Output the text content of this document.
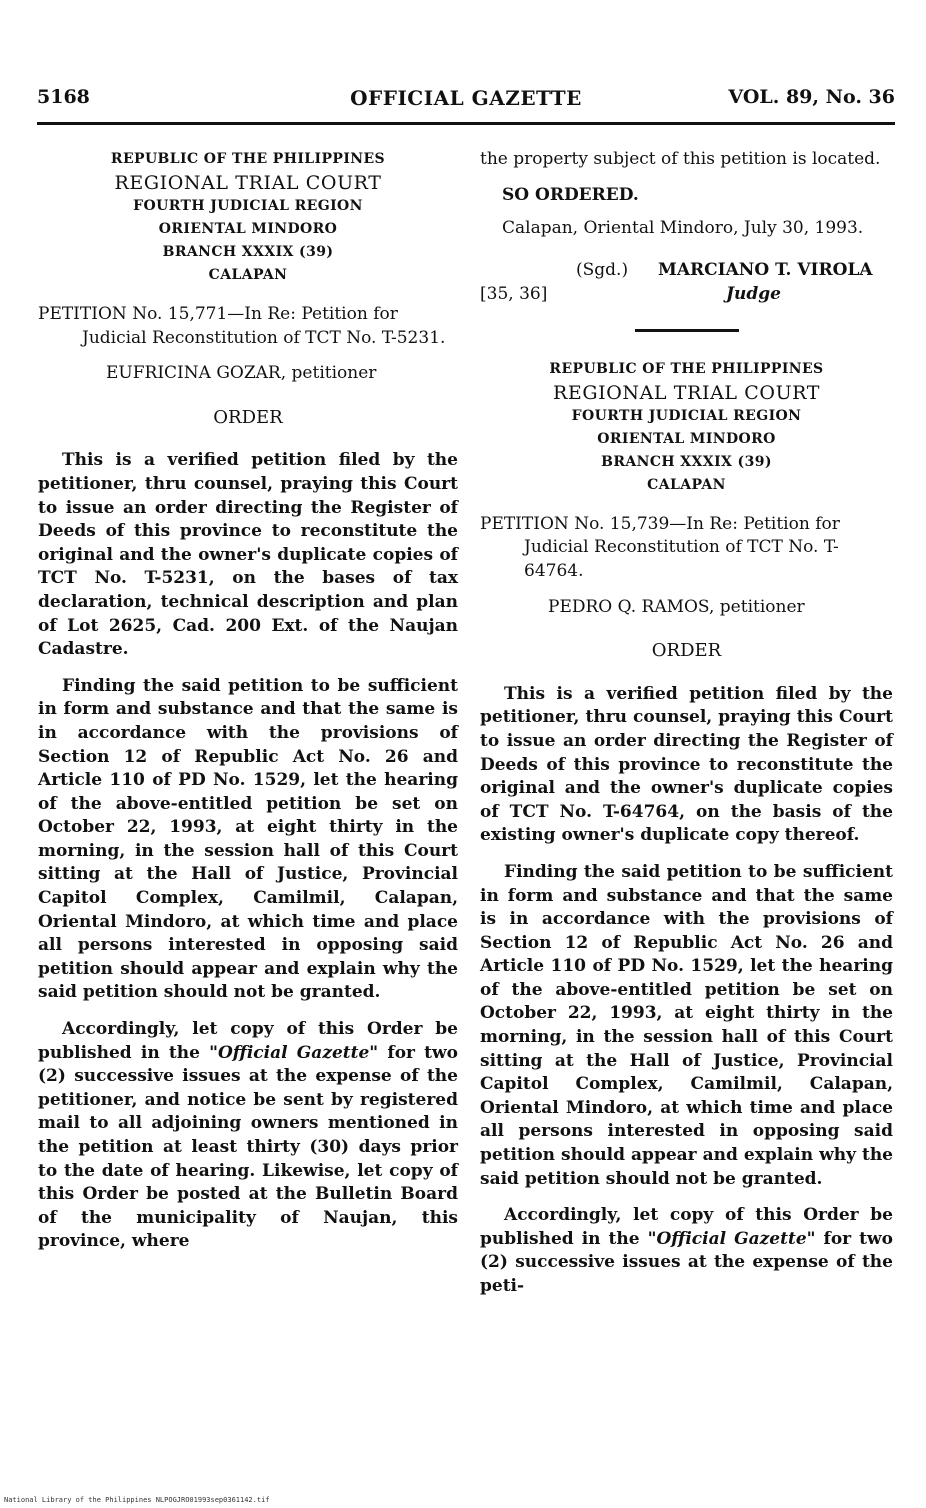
5168	OFFICIAL GAZETTE	VOL. 89, No. 36
REPUBLIC OF THE PHILIPPINES
REGIONAL TRIAL COURT
FOURTH JUDICIAL REGION
ORIENTAL MINDORO
BRANCH XXXIX (39)
CALAPAN
PETITION No. 15,771—In Re: Petition for Judicial Reconstitution of TCT No. T-5231.
EUFRICINA GOZAR, petitioner
ORDER

This is a verified petition filed by the petitioner, thru counsel, praying this Court to issue an order directing the Register of Deeds of this province to reconstitute the original and the owner's duplicate copies of TCT No. T-5231, on the bases of tax declaration, technical description and plan of Lot 2625, Cad. 200 Ext. of the Naujan Cadastre.

Finding the said petition to be sufficient in form and substance and that the same is in accordance with the provisions of Section 12 of Republic Act No. 26 and Article 110 of PD No. 1529, let the hearing of the above-entitled petition be set on October 22, 1993, at eight thirty in the morning, in the session hall of this Court sitting at the Hall of Justice, Provincial Capitol Complex, Camilmil, Calapan, Oriental Mindoro, at which time and place all persons interested in opposing said petition should appear and explain why the said petition should not be granted.

Accordingly, let copy of this Order be published in the "Official Gazette" for two (2) successive issues at the expense of the petitioner, and notice be sent by registered mail to all adjoining owners mentioned in the petition at least thirty (30) days prior to the date of hearing. Likewise, let copy of this Order be posted at the Bulletin Board of the municipality of Naujan, this province, where

the property subject of this petition is located.

SO ORDERED.
Calapan, Oriental Mindoro, July 30, 1993.
(Sgd.) MARCIANO T. VIROLA
[35, 36]	Judge
REPUBLIC OF THE PHILIPPINES
REGIONAL TRIAL COURT
FOURTH JUDICIAL REGION
ORIENTAL MINDORO
BRANCH XXXIX (39)
CALAPAN
PETITION No. 15,739—In Re: Petition for Judicial Reconstitution of TCT No. T-64764.
PEDRO Q. RAMOS, petitioner
ORDER

This is a verified petition filed by the petitioner, thru counsel, praying this Court to issue an order directing the Register of Deeds of this province to reconstitute the original and the owner's duplicate copies of TCT No. T-64764, on the basis of the existing owner's duplicate copy thereof.

Finding the said petition to be sufficient in form and substance and that the same is in accordance with the provisions of Section 12 of Republic Act No. 26 and Article 110 of PD No. 1529, let the hearing of the above-entitled petition be set on October 22, 1993, at eight thirty in the morning, in the session hall of this Court sitting at the Hall of Justice, Provincial Capitol Complex, Camilmil, Calapan, Oriental Mindoro, at which time and place all persons interested in opposing said petition should appear and explain why the said petition should not be granted.

Accordingly, let copy of this Order be published in the "Official Gazette" for two (2) successive issues at the expense of the peti-

National Library of the Philippines NLPOGJRO01993sep0361142.tif
